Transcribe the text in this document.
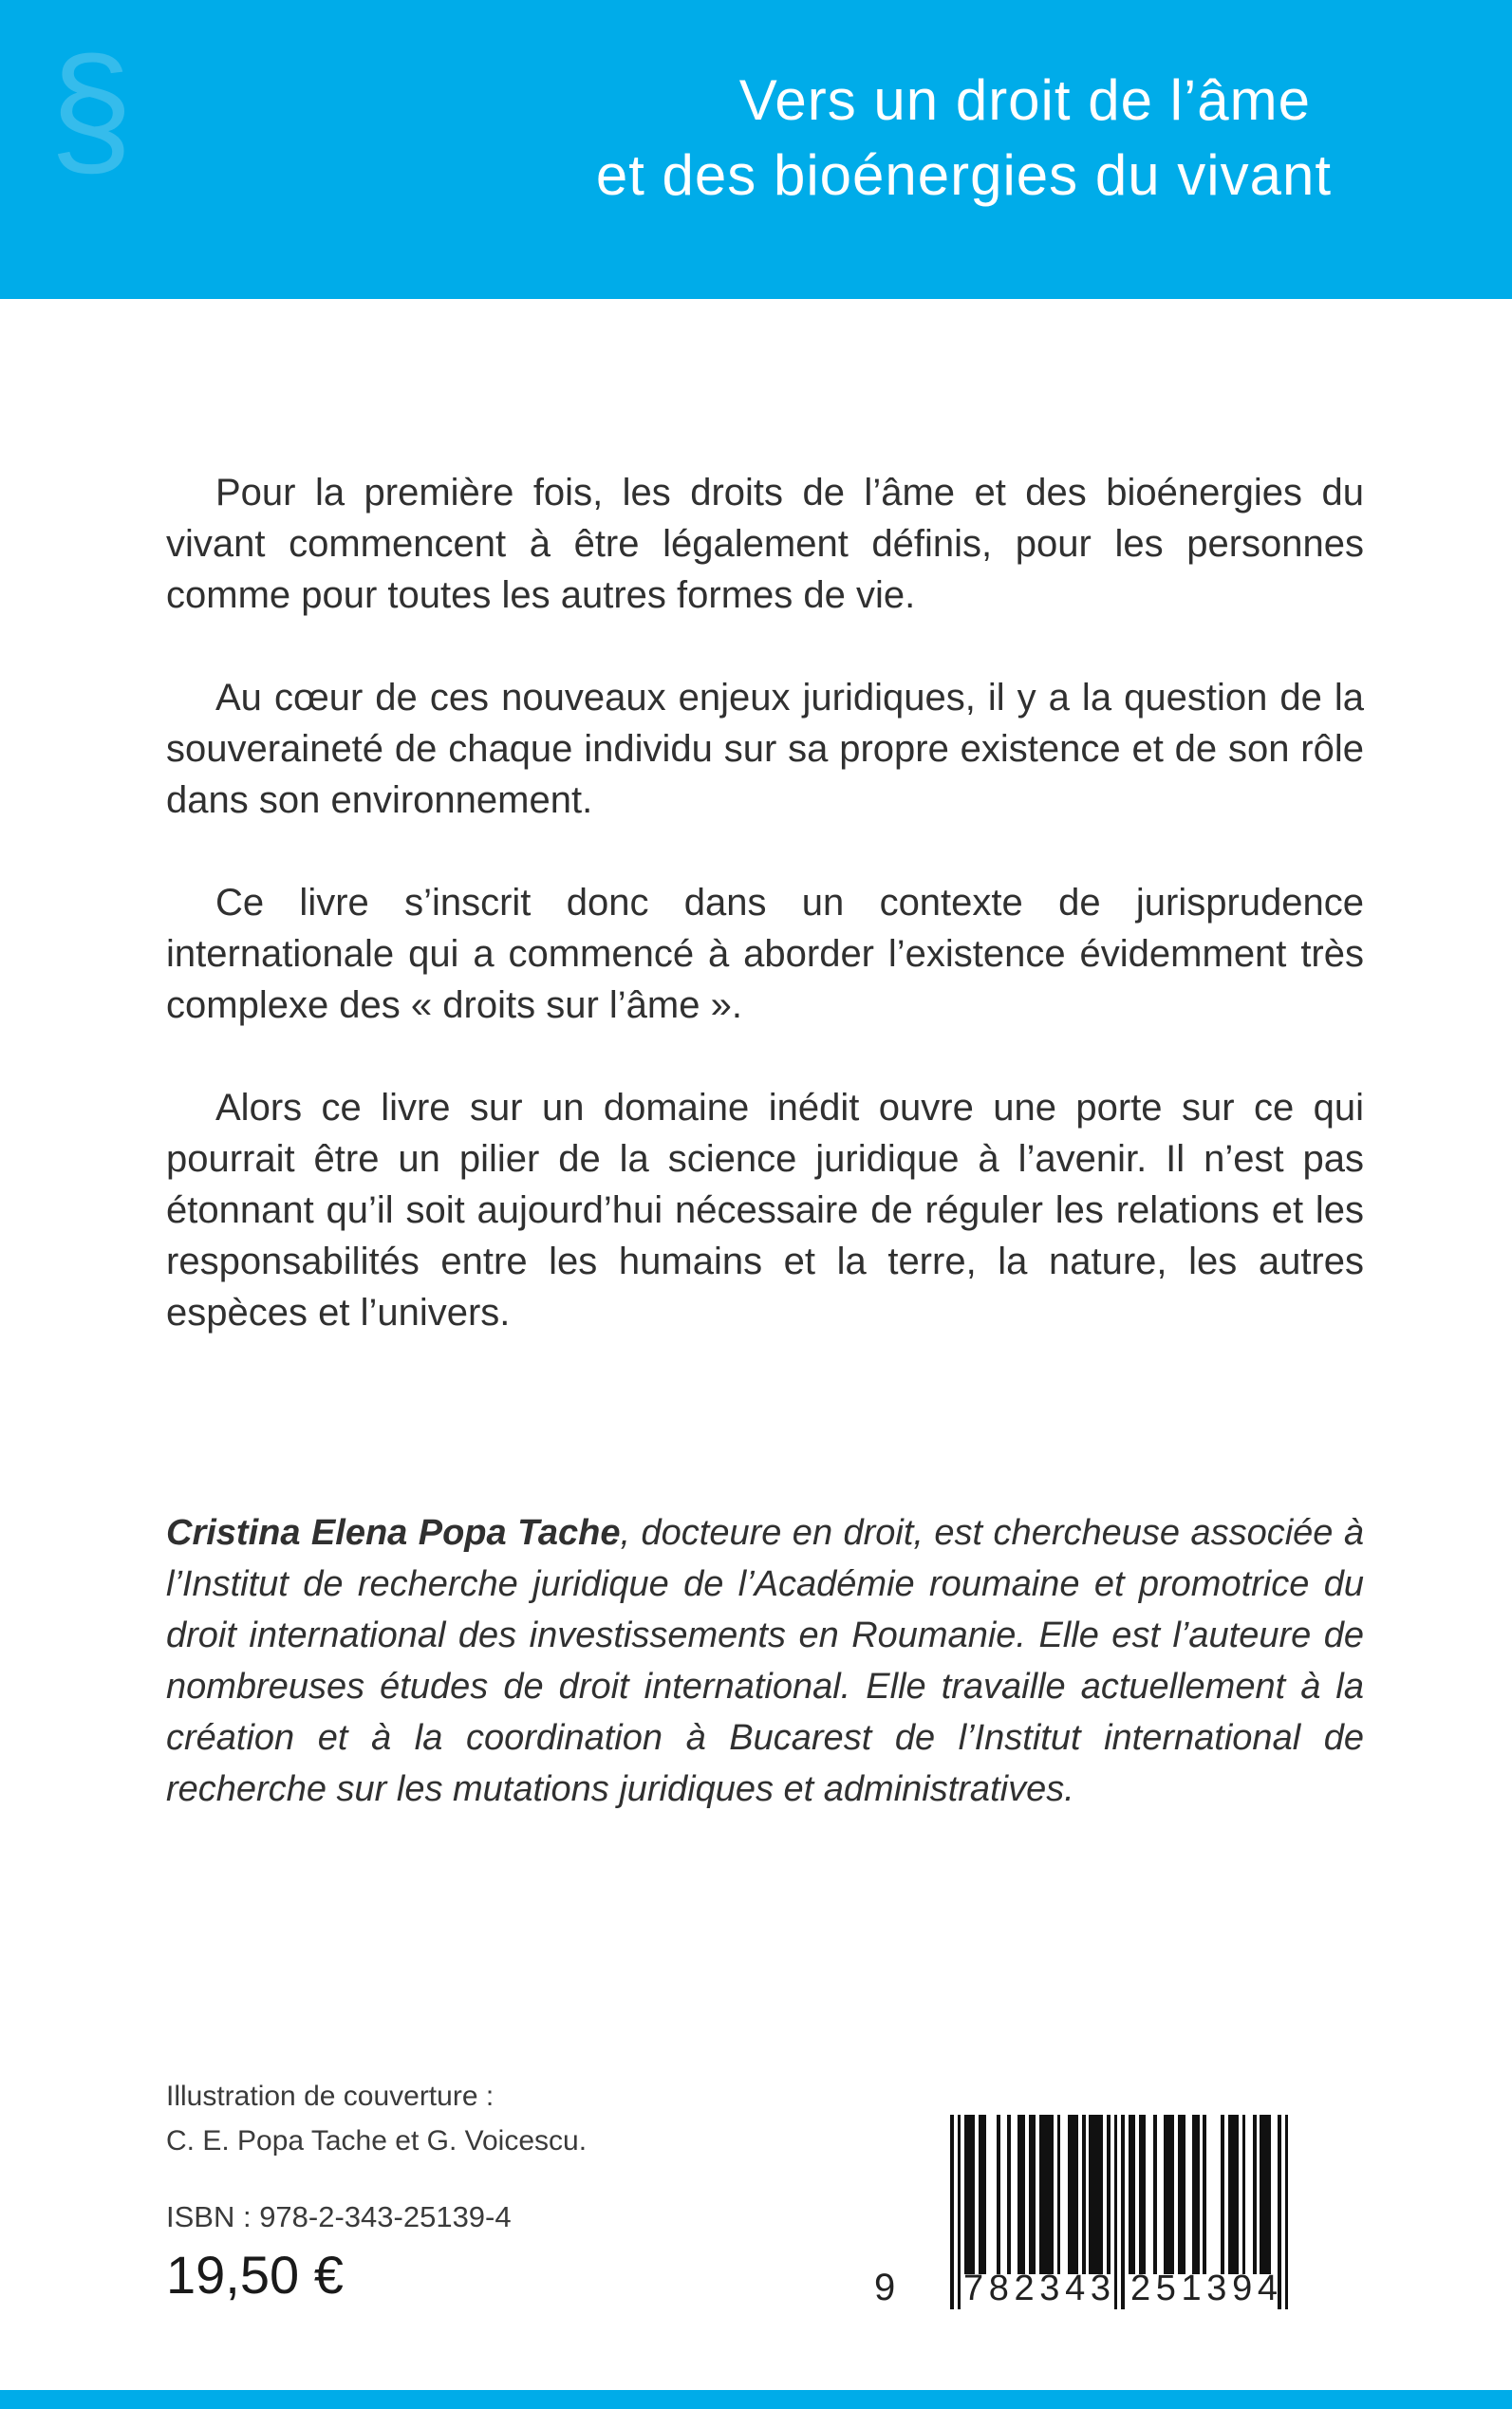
§	Vers un droit de l’âme
et des bioénergies du vivant

Pour la première fois, les droits de l’âme et des bioénergies du vivant commencent à être légalement définis, pour les personnes comme pour toutes les autres formes de vie.

Au cœur de ces nouveaux enjeux juridiques, il y a la question de la souveraineté de chaque individu sur sa propre existence et de son rôle dans son environnement.

Ce livre s’inscrit donc dans un contexte de jurisprudence internationale qui a commencé à aborder l’existence évidemment très complexe des « droits sur l’âme ».

Alors ce livre sur un domaine inédit ouvre une porte sur ce qui pourrait être un pilier de la science juridique à l’avenir. Il n’est pas étonnant qu’il soit aujourd’hui nécessaire de réguler les relations et les responsabilités entre les humains et la terre, la nature, les autres espèces et l’univers.

Cristina Elena Popa Tache, docteure en droit, est chercheuse associée à l’Institut de recherche juridique de l’Académie roumaine et promotrice du droit international des investissements en Roumanie. Elle est l’auteure de nombreuses études de droit international. Elle travaille actuellement à la création et à la coordination à Bucarest de l’Institut international de recherche sur les mutations juridiques et administratives.

Illustration de couverture :
C. E. Popa Tache et G. Voicescu.
ISBN : 978-2-343-25139-4
19,50 €	9 7 8 2 3 4 3 2 5 1 3 9 4
